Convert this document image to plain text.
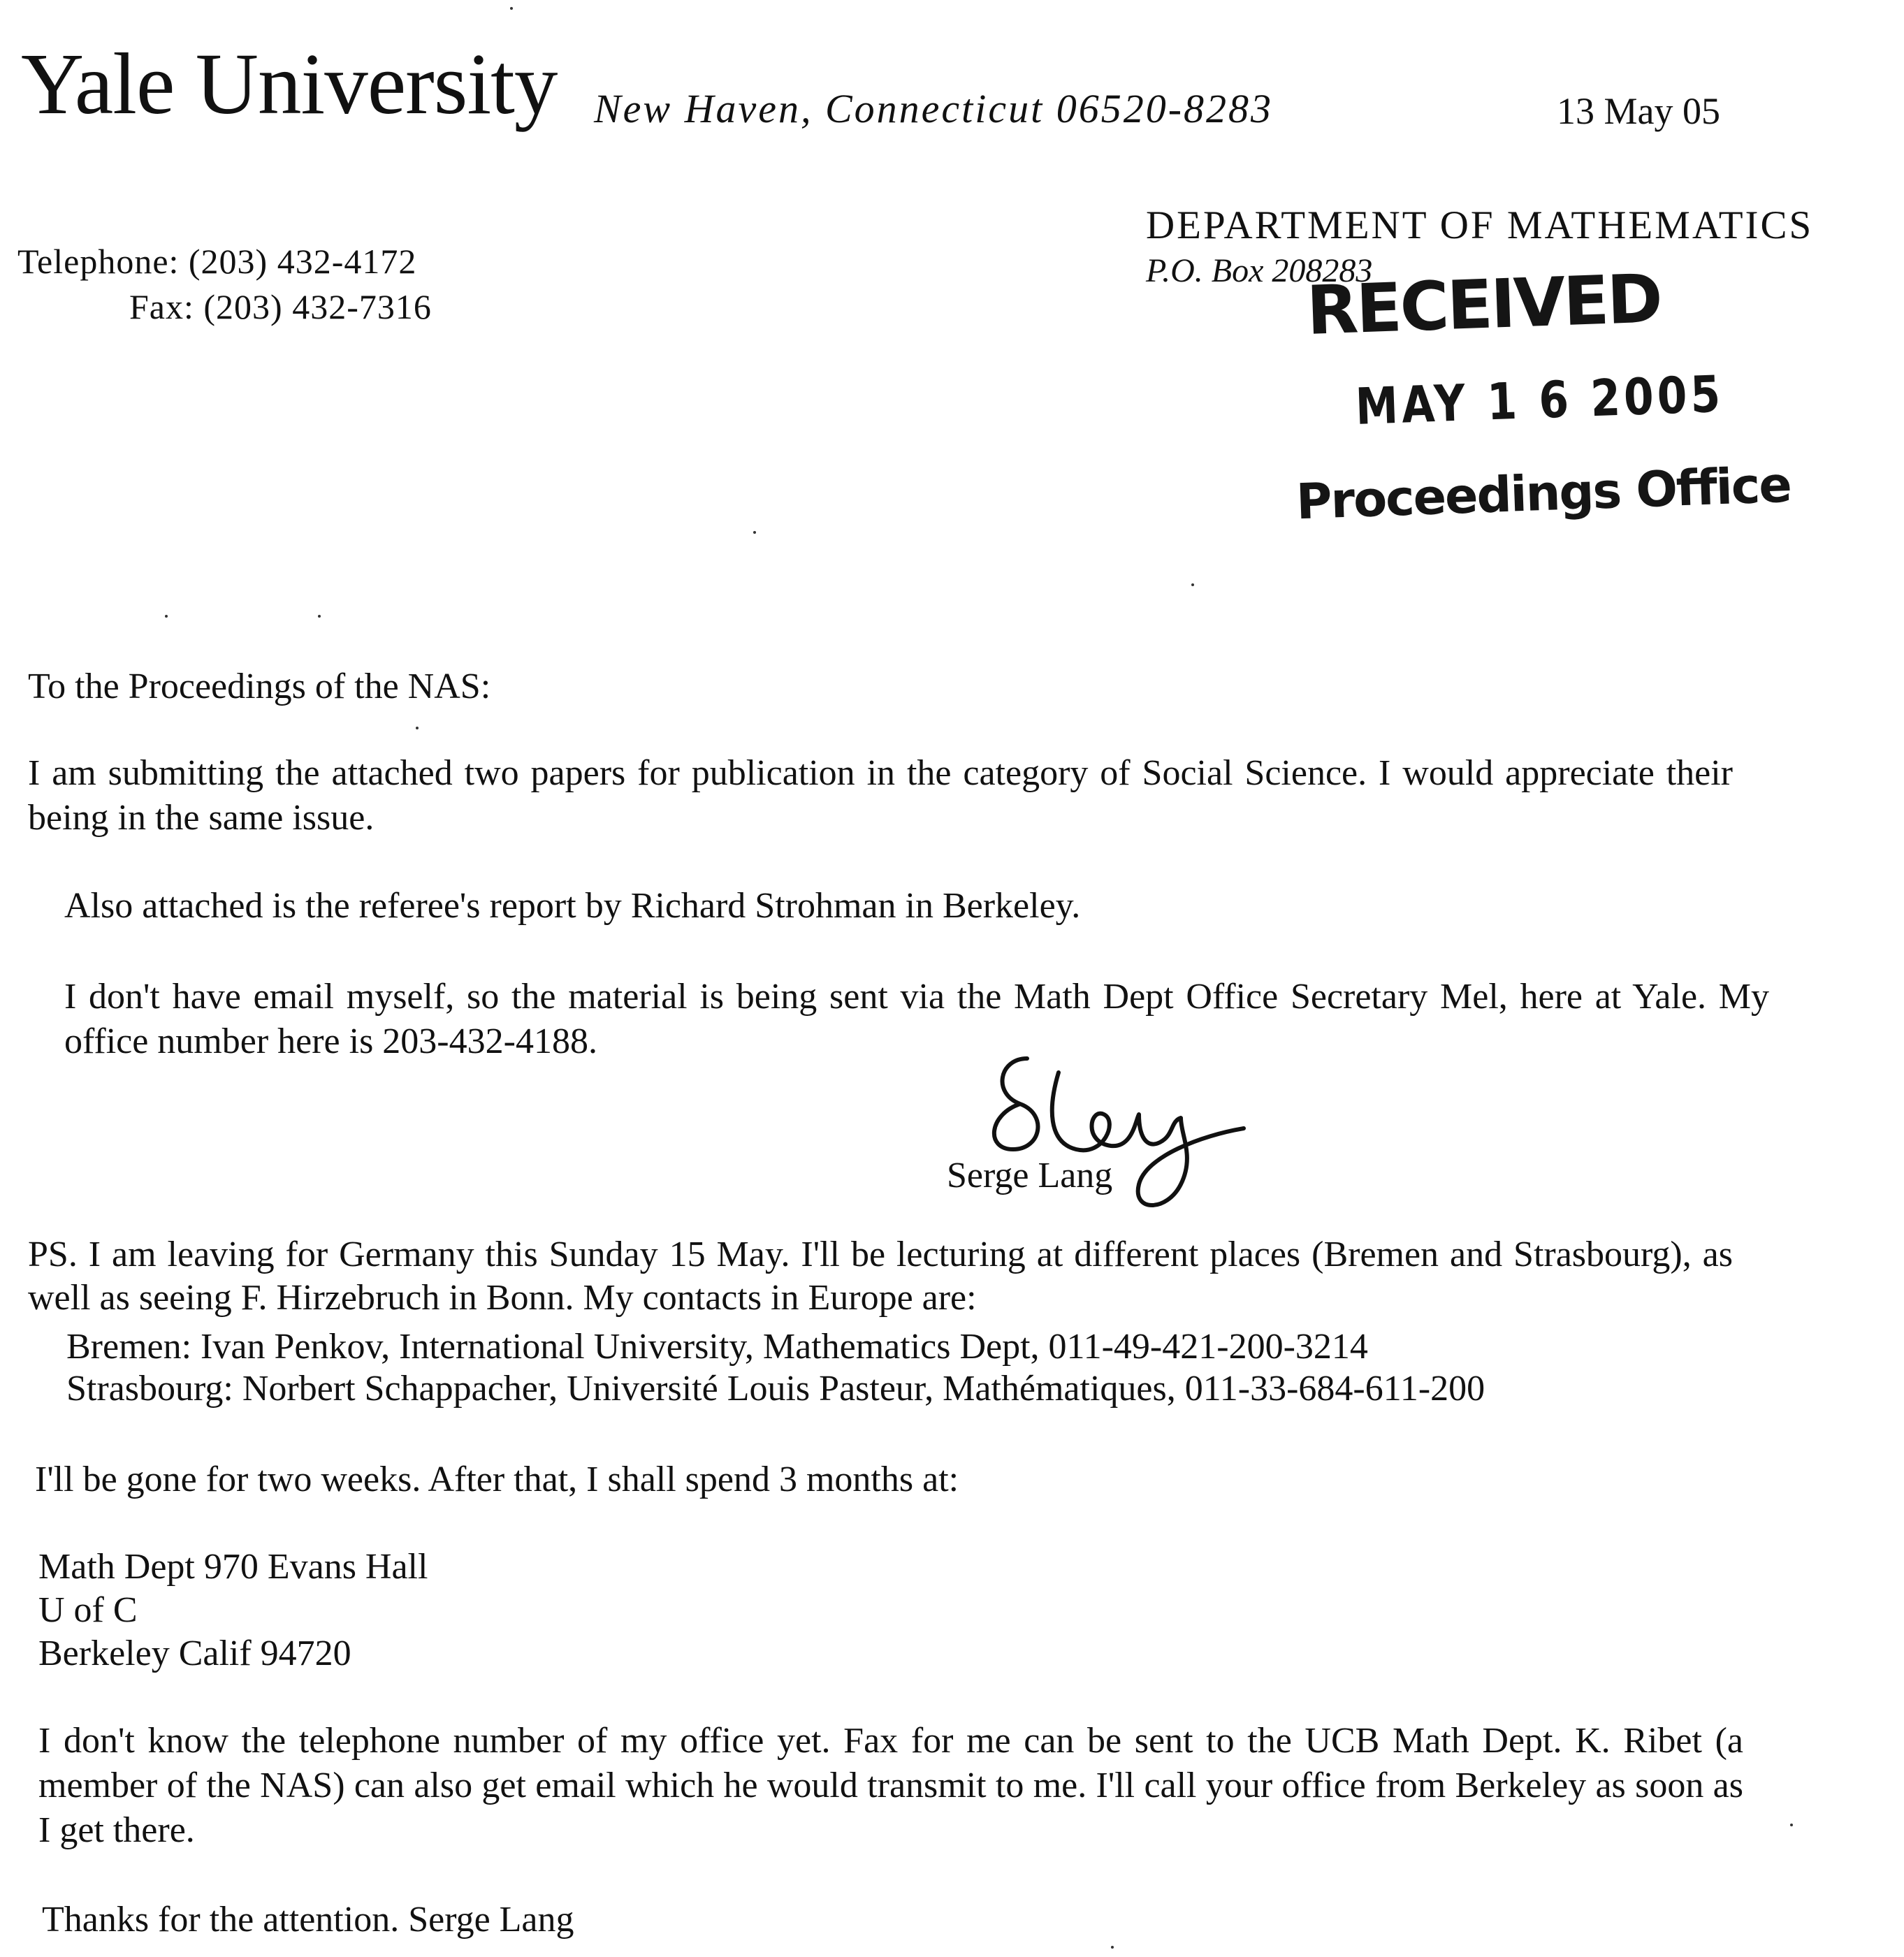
Yale University New Haven, Connecticut 06520-8283	13 May 05
DEPARTMENT OF MATHEMATICS
P.O. Box 208283
Telephone: (203) 432-4172
Fax: (203) 432-7316	RECEIVED
MAY 1 6 2005
Proceedings Office
To the Proceedings of the NAS:
I am submitting the attached two papers for publication in the category of Social Science. I would appreciate their being in the same issue.
Also attached is the referee's report by Richard Strohman in Berkeley.
I don't have email myself, so the material is being sent via the Math Dept Office Secretary Mel, here at Yale. My office number here is 203-432-4188.
Serge Lang
PS. I am leaving for Germany this Sunday 15 May. I'll be lecturing at different places (Bremen and Strasbourg), as well as seeing F. Hirzebruch in Bonn. My contacts in Europe are:
Bremen: Ivan Penkov, International University, Mathematics Dept, 011-49-421-200-3214
Strasbourg: Norbert Schappacher, Université Louis Pasteur, Mathématiques, 011-33-684-611-200
I'll be gone for two weeks. After that, I shall spend 3 months at:
Math Dept 970 Evans Hall
U of C
Berkeley Calif 94720
I don't know the telephone number of my office yet. Fax for me can be sent to the UCB Math Dept. K. Ribet (a member of the NAS) can also get email which he would transmit to me. I'll call your office from Berkeley as soon as I get there.
Thanks for the attention. Serge Lang
